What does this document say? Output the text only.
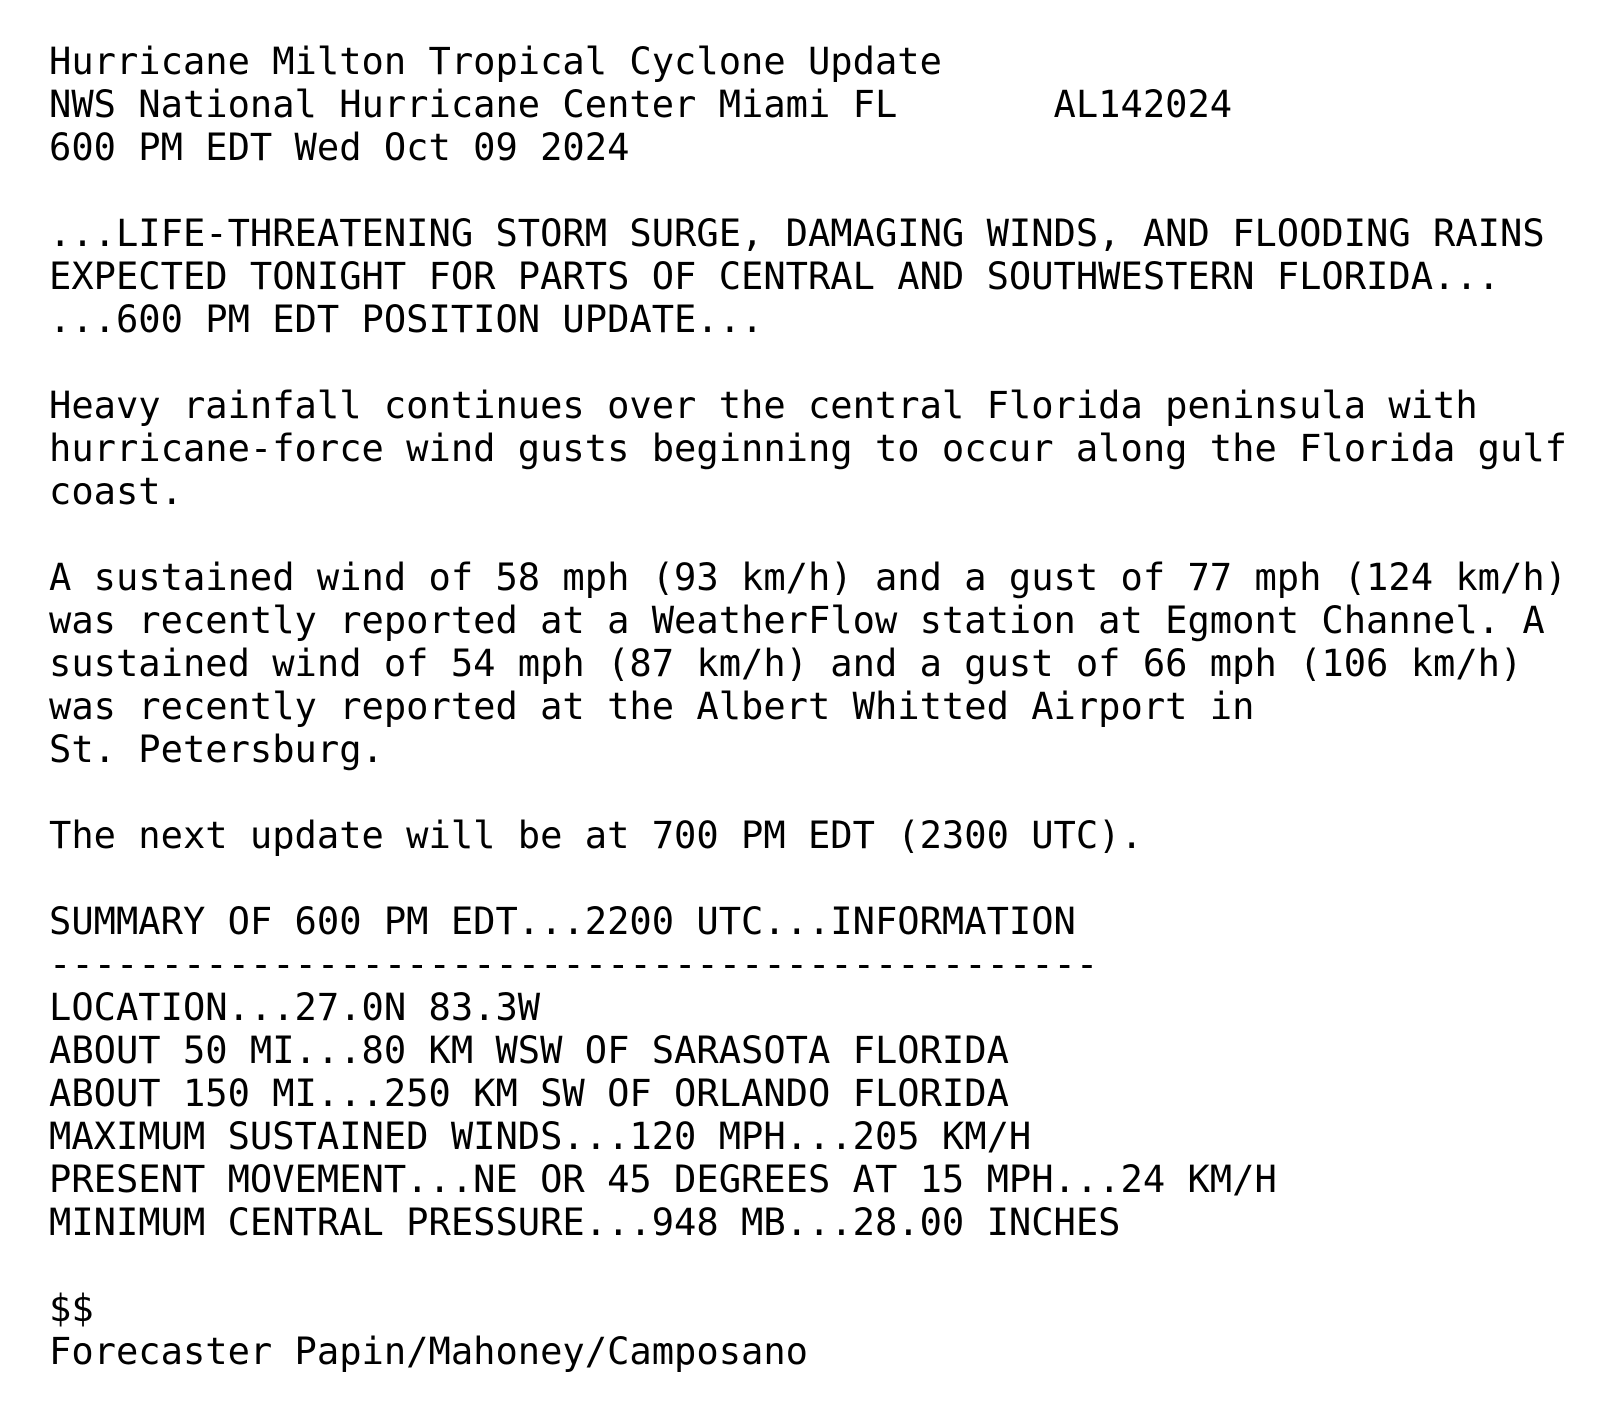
Hurricane Milton Tropical Cyclone Update
NWS National Hurricane Center Miami FL       AL142024
600 PM EDT Wed Oct 09 2024
...LIFE-THREATENING STORM SURGE, DAMAGING WINDS, AND FLOODING RAINS
EXPECTED TONIGHT FOR PARTS OF CENTRAL AND SOUTHWESTERN FLORIDA...
...600 PM EDT POSITION UPDATE...
Heavy rainfall continues over the central Florida peninsula with
hurricane-force wind gusts beginning to occur along the Florida gulf
coast.
A sustained wind of 58 mph (93 km/h) and a gust of 77 mph (124 km/h)
was recently reported at a WeatherFlow station at Egmont Channel. A
sustained wind of 54 mph (87 km/h) and a gust of 66 mph (106 km/h)
was recently reported at the Albert Whitted Airport in
St. Petersburg.
The next update will be at 700 PM EDT (2300 UTC).
SUMMARY OF 600 PM EDT...2200 UTC...INFORMATION
-----------------------------------------------
LOCATION...27.0N 83.3W
ABOUT 50 MI...80 KM WSW OF SARASOTA FLORIDA
ABOUT 150 MI...250 KM SW OF ORLANDO FLORIDA
MAXIMUM SUSTAINED WINDS...120 MPH...205 KM/H
PRESENT MOVEMENT...NE OR 45 DEGREES AT 15 MPH...24 KM/H
MINIMUM CENTRAL PRESSURE...948 MB...28.00 INCHES
$$
Forecaster Papin/Mahoney/Camposano
